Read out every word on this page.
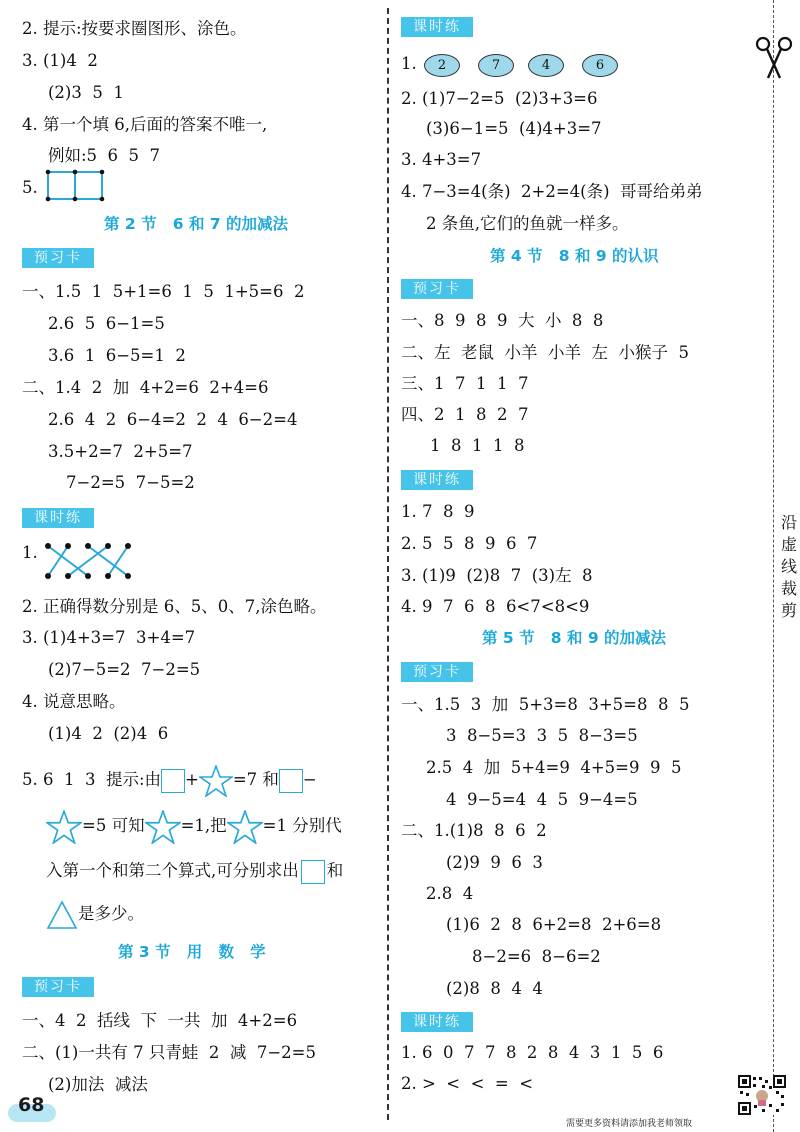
沿虚线裁剪
2. 提示:按要求圈图形、涂色。
3. (1)4  2
(2)3  5  1
4. 第一个填 6,后面的答案不唯一,
例如:5  6  5  7
5.
第 2 节   6 和 7 的加减法
预习卡
一、1.5  1  5+1=6  1  5  1+5=6  2
2.6  5  6−1=5
3.6  1  6−5=1  2
二、1.4  2  加  4+2=6  2+4=6
2.6  4  2  6−4=2  2  4  6−2=4
3.5+2=7  2+5=7
7−2=5  7−5=2
课时练
1.
2. 正确得数分别是 6、5、0、7,涂色略。
3. (1)4+3=7  3+4=7
(2)7−5=2  7−2=5
4. 说意思略。
(1)4  2  (2)4  6
5. 6  1  3  提示:由 + =7 和 −
=5 可知 =1,把 =1 分别代
入第一个和第二个算式,可分别求出 和
是多少。
第 3 节   用   数   学
预习卡
一、4  2  括线  下  一共  加  4+2=6
二、(1)一共有 7 只青蛙  2  减  7−2=5
(2)加法  减法
68
课时练
1.	2	7	4	6
2. (1)7−2=5  (2)3+3=6
(3)6−1=5  (4)4+3=7
3. 4+3=7
4. 7−3=4(条)  2+2=4(条)  哥哥给弟弟
2 条鱼,它们的鱼就一样多。
第 4 节   8 和 9 的认识
预习卡
一、8  9  8  9  大  小  8  8
二、左  老鼠  小羊  小羊  左  小猴子  5
三、1  7  1  1  7
四、2  1  8  2  7
1  8  1  1  8
课时练
1. 7  8  9
2. 5  5  8  9  6  7
3. (1)9  (2)8  7  (3)左  8
4. 9  7  6  8  6<7<8<9
第 5 节   8 和 9 的加减法
预习卡
一、1.5  3  加  5+3=8  3+5=8  8  5
3  8−5=3  3  5  8−3=5
2.5  4  加  5+4=9  4+5=9  9  5
4  9−5=4  4  5  9−4=5
二、1.(1)8  8  6  2
(2)9  9  6  3
2.8  4
(1)6  2  8  6+2=8  2+6=8
8−2=6  8−6=2
(2)8  8  4  4
课时练
1. 6  0  7  7  8  2  8  4  3  1  5  6
2. >  <  <  =  <
需要更多资料请添加我老师领取
